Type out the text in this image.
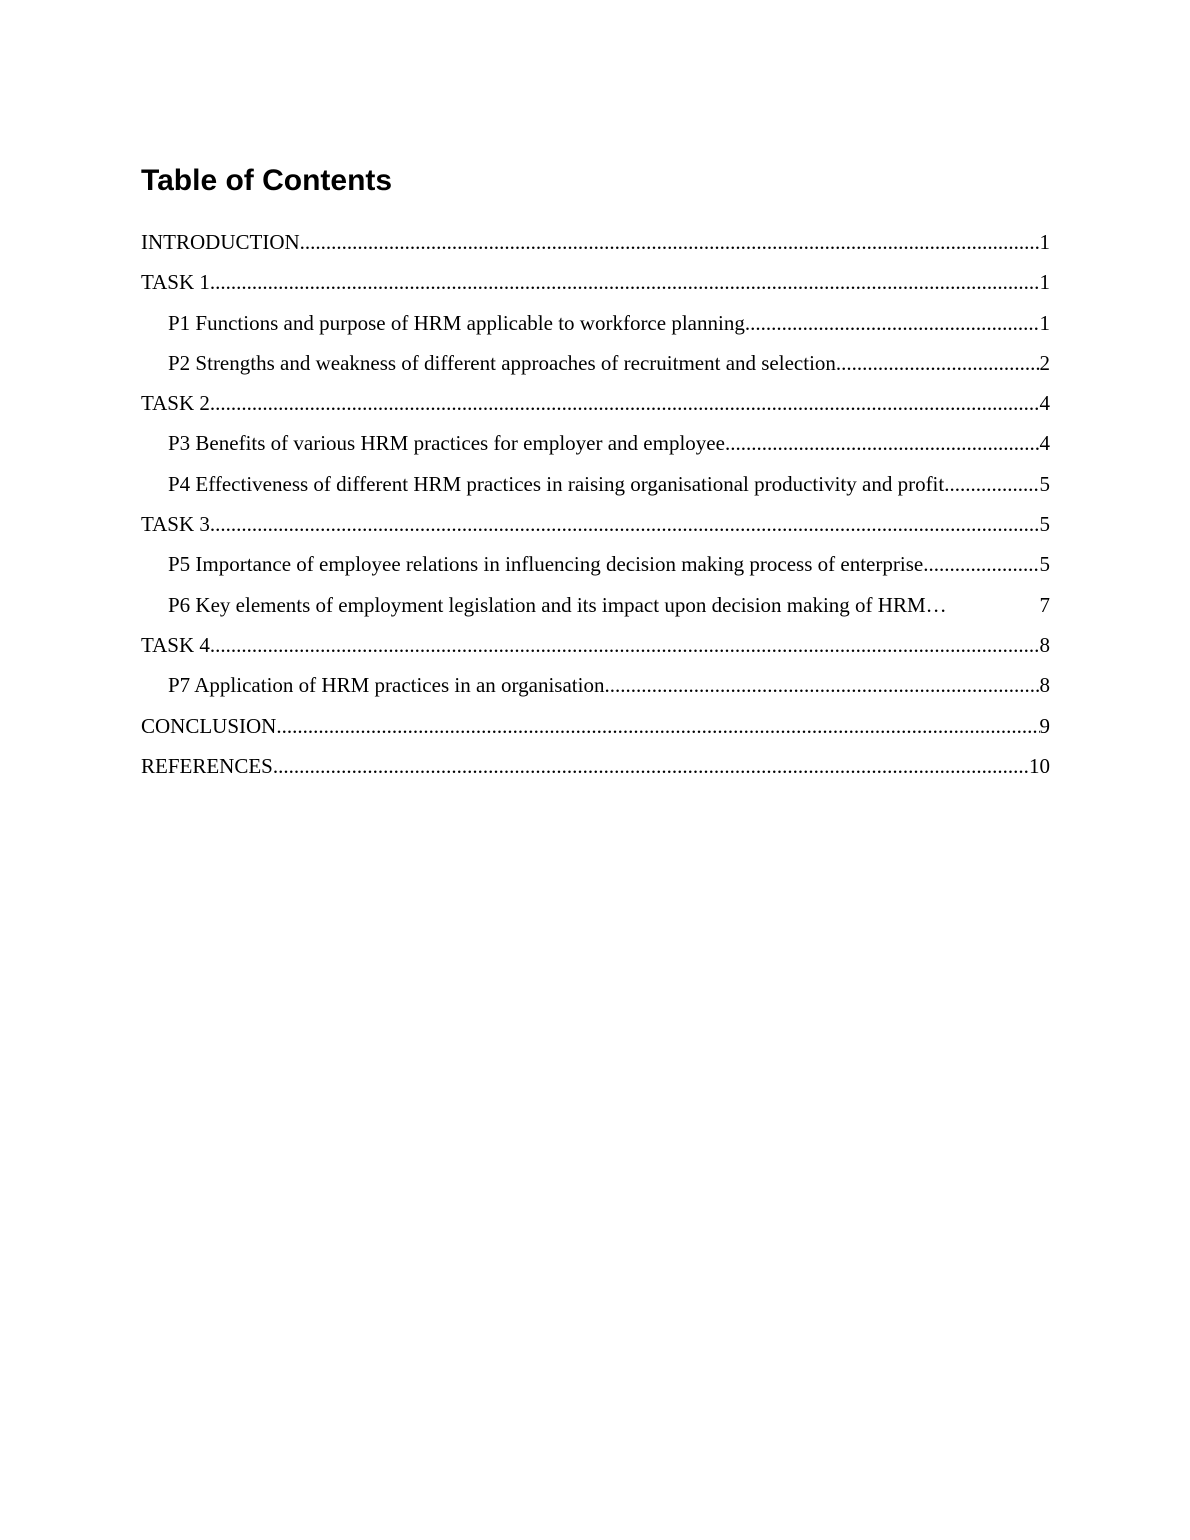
Table of Contents
INTRODUCTION .....	1
TASK 1 .....	1
P1 Functions and purpose of HRM applicable to workforce planning .....	1
P2 Strengths and weakness of different approaches of recruitment and selection .....	2
TASK 2 .....	4
P3 Benefits of various HRM practices for employer and employee .....	4
P4 Effectiveness of different HRM practices in raising organisational productivity and profit .....	5
TASK 3 .....	5
P5 Importance of employee relations in influencing decision making process of enterprise .....	5
P6 Key elements of employment legislation and its impact upon decision making of HRM …	7
TASK 4 .....	8
P7 Application of HRM practices in an organisation .....	8
CONCLUSION .....	9
REFERENCES .....	10
